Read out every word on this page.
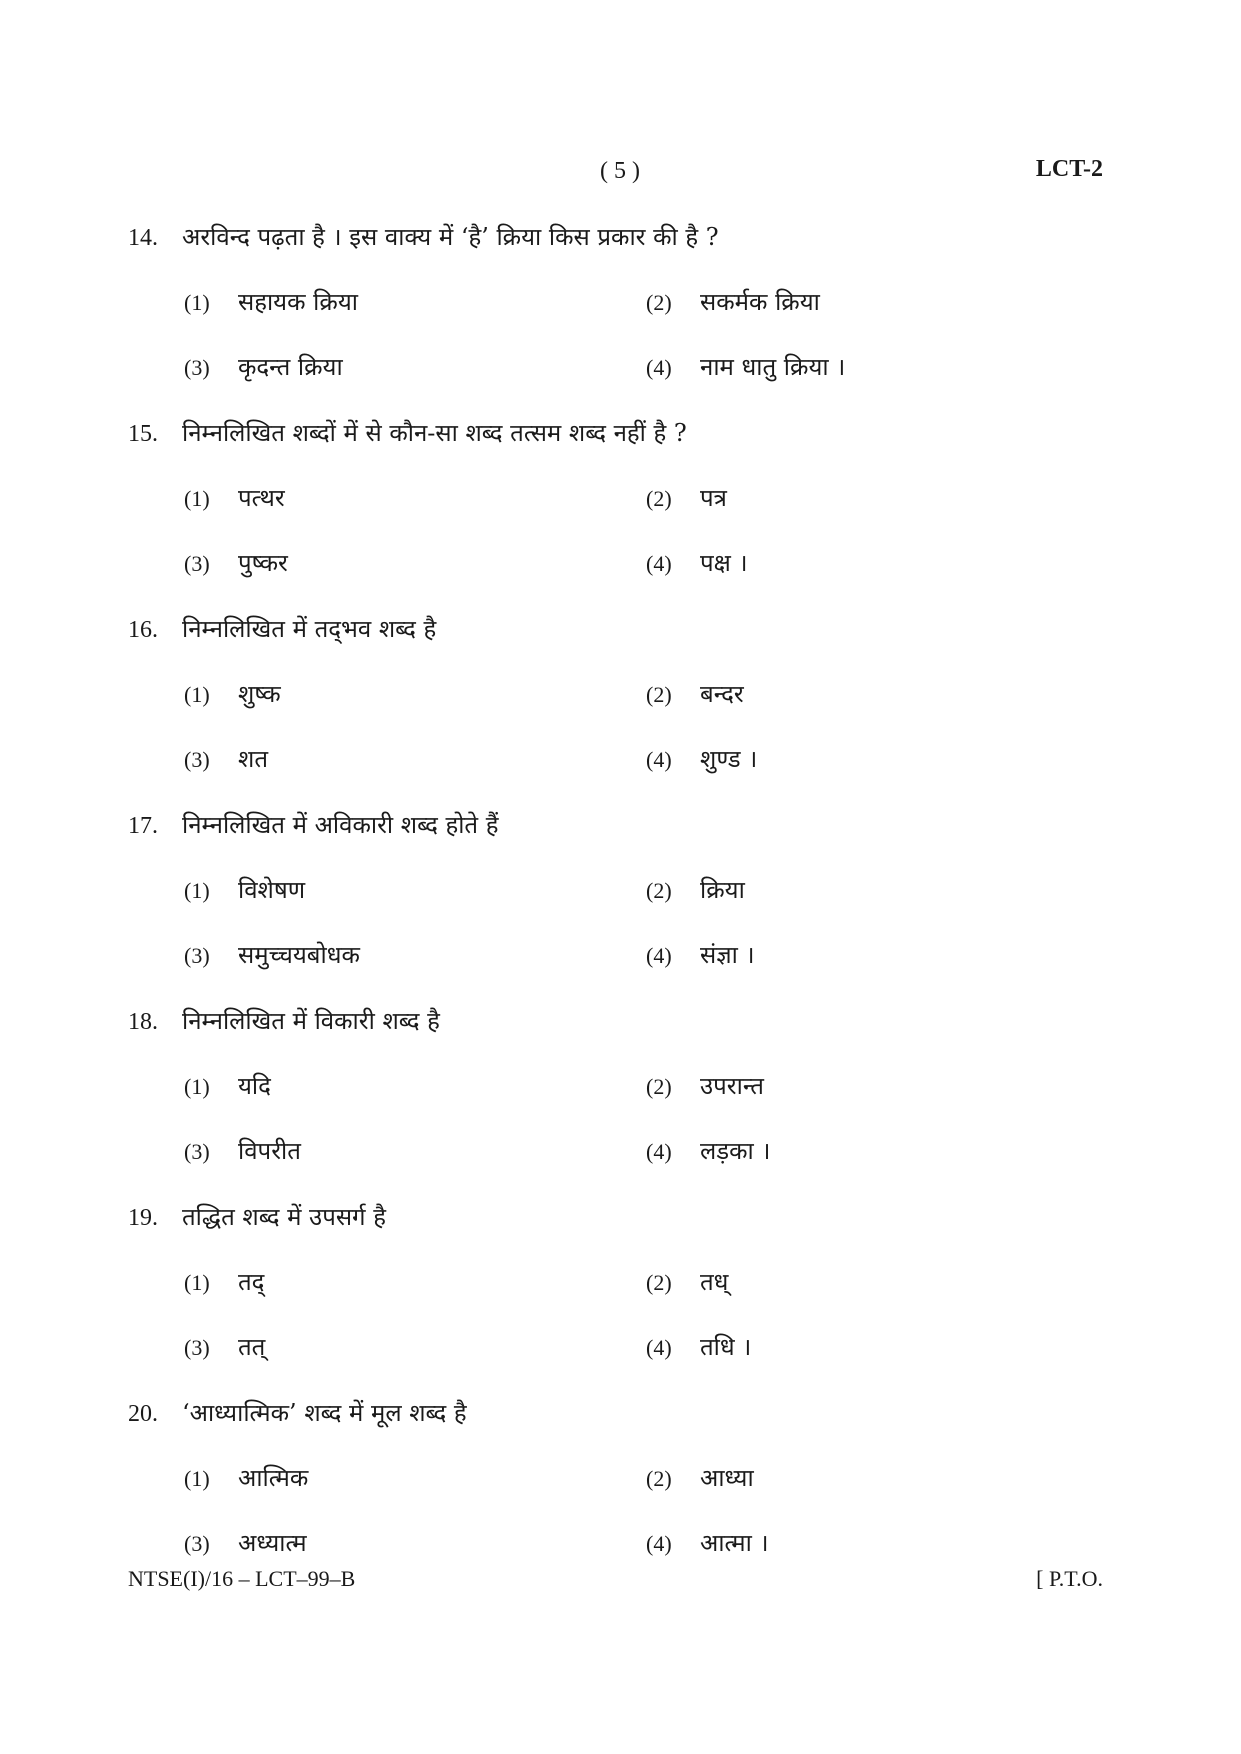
( 5 )	LCT-2
14.	अरविन्द पढ़ता है । इस वाक्य में ‘है’ क्रिया किस प्रकार की है ?
(1)	सहायक क्रिया	(2)	सकर्मक क्रिया
(3)	कृदन्त क्रिया	(4)	नाम धातु क्रिया ।
15.	निम्नलिखित शब्दों में से कौन-सा शब्द तत्सम शब्द नहीं है ?
(1)	पत्थर	(2)	पत्र
(3)	पुष्कर	(4)	पक्ष ।
16.	निम्नलिखित में तद्‌भव शब्द है
(1)	शुष्क	(2)	बन्दर
(3)	शत	(4)	शुण्ड ।
17.	निम्नलिखित में अविकारी शब्द होते हैं
(1)	विशेषण	(2)	क्रिया
(3)	समुच्चयबोधक	(4)	संज्ञा ।
18.	निम्नलिखित में विकारी शब्द है
(1)	यदि	(2)	उपरान्त
(3)	विपरीत	(4)	लड़का ।
19.	तद्धित शब्द में उपसर्ग है
(1)	तद्	(2)	तध्
(3)	तत्	(4)	तधि ।
20.	‘आध्यात्मिक’ शब्द में मूल शब्द है
(1)	आत्मिक	(2)	आध्या
(3)	अध्यात्म	(4)	आत्मा ।
NTSE(I)/16 – LCT–99–B	[ P.T.O.
